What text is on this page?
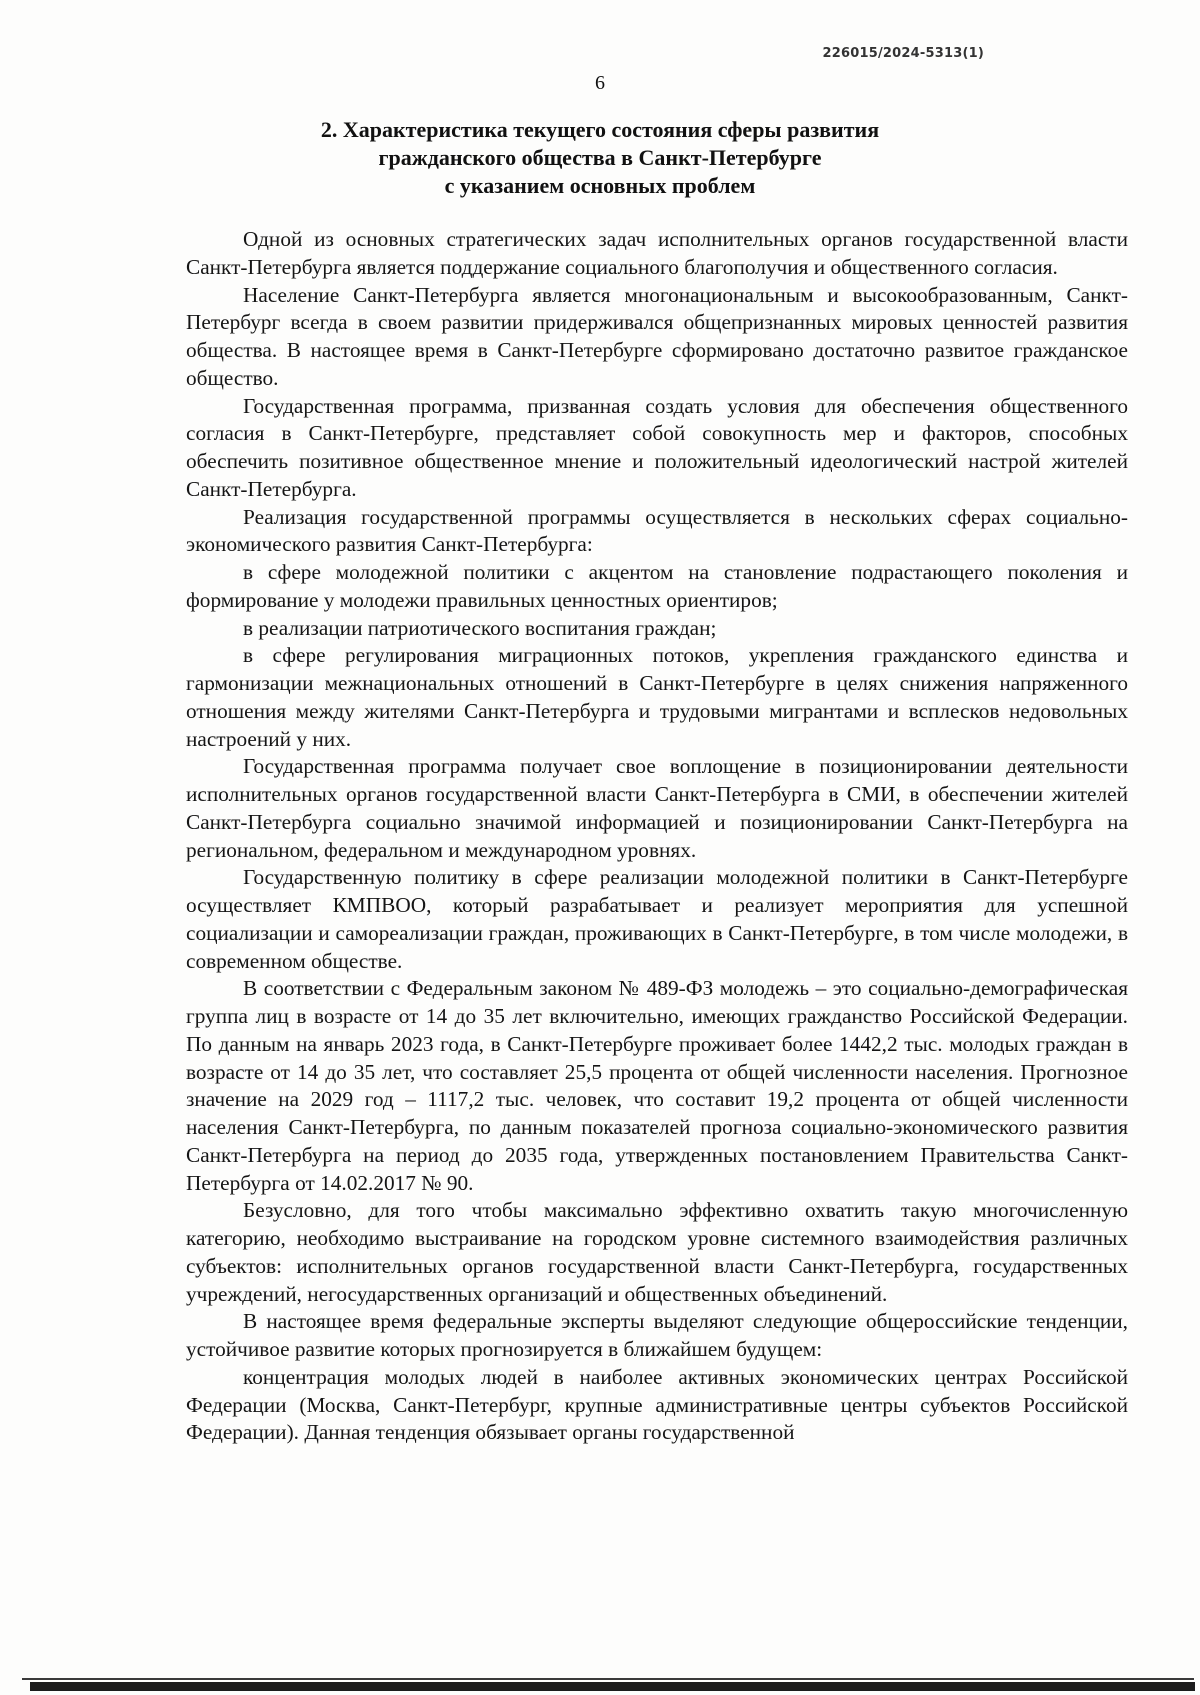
226015/2024-5313(1)
6
2. Характеристика текущего состояния сферы развития
гражданского общества в Санкт-Петербурге
с указанием основных проблем

Одной из основных стратегических задач исполнительных органов государственной власти Санкт-Петербурга является поддержание социального благополучия и общественного согласия.

Население Санкт-Петербурга является многонациональным и высокообразованным, Санкт-Петербург всегда в своем развитии придерживался общепризнанных мировых ценностей развития общества. В настоящее время в Санкт-Петербурге сформировано достаточно развитое гражданское общество.

Государственная программа, призванная создать условия для обеспечения общественного согласия в Санкт-Петербурге, представляет собой совокупность мер и факторов, способных обеспечить позитивное общественное мнение и положительный идеологический настрой жителей Санкт-Петербурга.

Реализация государственной программы осуществляется в нескольких сферах социально-экономического развития Санкт-Петербурга:

в сфере молодежной политики с акцентом на становление подрастающего поколения и формирование у молодежи правильных ценностных ориентиров;

в реализации патриотического воспитания граждан;

в сфере регулирования миграционных потоков, укрепления гражданского единства и гармонизации межнациональных отношений в Санкт-Петербурге в целях снижения напряженного отношения между жителями Санкт-Петербурга и трудовыми мигрантами и всплесков недовольных настроений у них.

Государственная программа получает свое воплощение в позиционировании деятельности исполнительных органов государственной власти Санкт-Петербурга в СМИ, в обеспечении жителей Санкт-Петербурга социально значимой информацией и позиционировании Санкт-Петербурга на региональном, федеральном и международном уровнях.

Государственную политику в сфере реализации молодежной политики в Санкт-Петербурге осуществляет КМПВОО, который разрабатывает и реализует мероприятия для успешной социализации и самореализации граждан, проживающих в Санкт-Петербурге, в том числе молодежи, в современном обществе.

В соответствии с Федеральным законом № 489-ФЗ молодежь – это социально-демографическая группа лиц в возрасте от 14 до 35 лет включительно, имеющих гражданство Российской Федерации. По данным на январь 2023 года, в Санкт-Петербурге проживает более 1442,2 тыс. молодых граждан в возрасте от 14 до 35 лет, что составляет 25,5 процента от общей численности населения. Прогнозное значение на 2029 год – 1117,2 тыс. человек, что составит 19,2 процента от общей численности населения Санкт-Петербурга, по данным показателей прогноза социально-экономического развития Санкт-Петербурга на период до 2035 года, утвержденных постановлением Правительства Санкт-Петербурга от 14.02.2017 № 90.

Безусловно, для того чтобы максимально эффективно охватить такую многочисленную категорию, необходимо выстраивание на городском уровне системного взаимодействия различных субъектов: исполнительных органов государственной власти Санкт-Петербурга, государственных учреждений, негосударственных организаций и общественных объединений.

В настоящее время федеральные эксперты выделяют следующие общероссийские тенденции, устойчивое развитие которых прогнозируется в ближайшем будущем:

концентрация молодых людей в наиболее активных экономических центрах Российской Федерации (Москва, Санкт-Петербург, крупные административные центры субъектов Российской Федерации). Данная тенденция обязывает органы государственной
